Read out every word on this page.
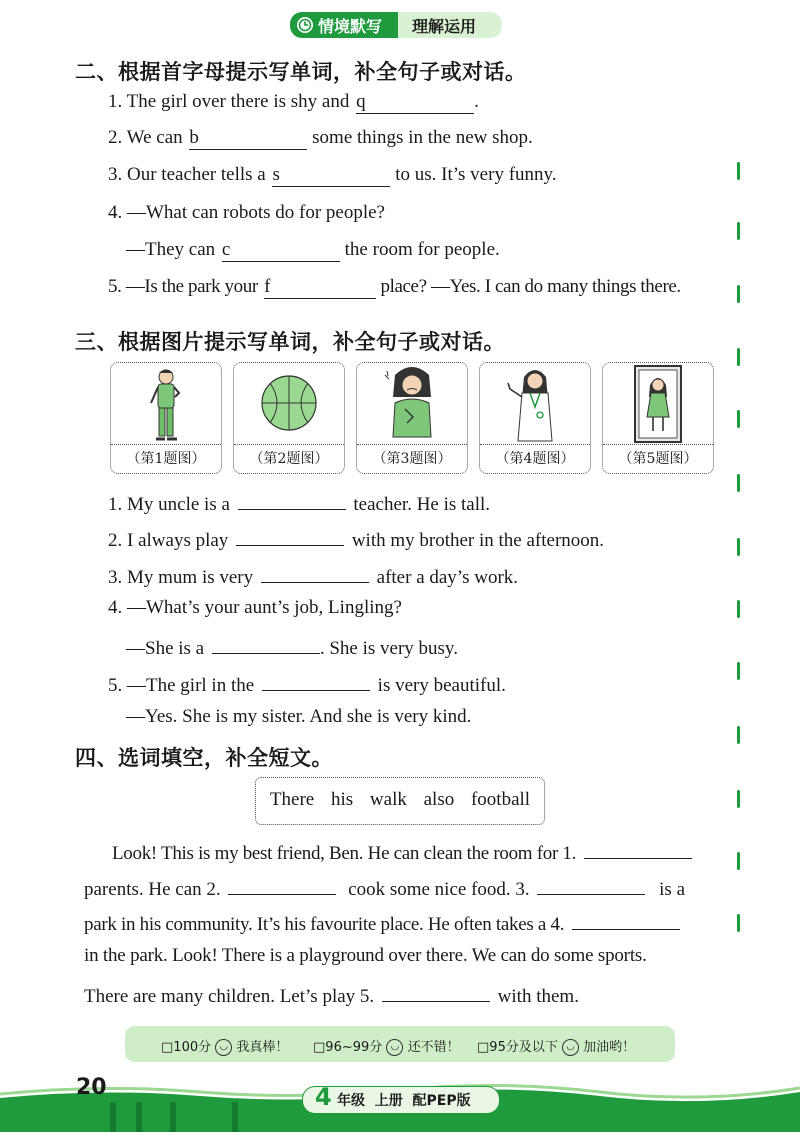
情境默写 理解运用
二、根据首字母提示写单词，补全句子或对话。
1. The girl over there is shy and q	.
2. We can b	some things in the new shop.
3. Our teacher tells a s	to us. It’s very funny.
4. —What can robots do for people?
—They can c	the room for people.
5. —Is the park your f	place? —Yes. I can do many things there.
三、根据图片提示写单词，补全句子或对话。
（第1题图）	（第2题图）	（第3题图）	（第4题图）	（第5题图）
1. My uncle is a	teacher. He is tall.
2. I always play	with my brother in the afternoon.
3. My mum is very	after a day’s work.
4. —What’s your aunt’s job, Lingling?
—She is a	. She is very busy.
5. —The girl in the	is very beautiful.
—Yes. She is my sister. And she is very kind.
四、选词填空，补全短文。
There his walk also football
Look! This is my best friend, Ben. He can clean the room for 1.
parents. He can 2.	cook some nice food. 3.	is a
park in his community. It’s his favourite place. He often takes a 4.
in the park. Look! There is a playground over there. We can do some sports.
There are many children. Let’s play 5.	with them.
□100分 ◡ 我真棒！ □96~99分 ◡ 还不错！ □95分及以下 ◡ 加油哟！
20	4 年级  上册  配PEP版
